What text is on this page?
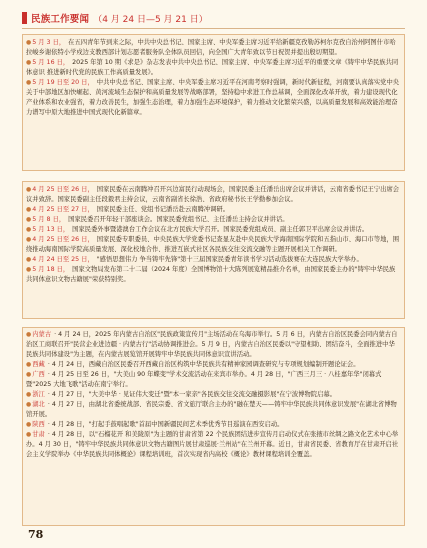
民族工作要闻 （4 月 24 日—5 月 21 日）

●5 月 3 日， 在五四青年节到来之际，中共中央总书记、国家主席、中央军委主席习近平给新疆克孜勒苏柯尔克孜自治州阿图什市哈拉峻乡谢依特小学戍边支教西部计划志愿者服务队全体队员回信，向全国广大青年致以节日祝贺并提出殷切期望。

●5 月 16 日， 2025 年第 10 期《求是》杂志发表中共中央总书记、国家主席、中央军委主席习近平的重要文章《铸牢中华民族共同体意识 推进新时代党的民族工作高质量发展》。

●5 月 19 日至 20 日， 中共中央总书记、国家主席、中央军委主席习近平在河南考察时强调，新时代新征程，河南要认真落实党中央关于中部地区加快崛起、黄河流域生态保护和高质量发展等战略部署，坚持稳中求进工作总基调，全面深化改革开放，着力建设现代化产业体系和农业强省，着力改善民生，加强生态治理，着力加强生态环境保护，着力推动文化繁荣兴盛，以高质量发展和高效能治理奋力谱写中原大地推进中国式现代化新篇章。

●4 月 25 日至 26 日， 国家民委在云南腾冲召开兴边富民行动现场会，国家民委主任潘岳出席会议并讲话，云南省委书记王宁出席会议并致辞。国家民委副主任段毅君主持会议，云南省副省长徐浩、省政府秘书长王学勤参加会议。

●4 月 25 日至 27 日， 国家民委主任、党组书记潘岳赴云南腾冲调研。

●5 月 8 日， 国家民委召开年轻干部座谈会。国家民委党组书记、主任潘岳主持会议并讲话。

●5 月 13 日， 国家民委外事暨港澳台工作会议在北方民族大学召开。国家民委党组成员、副主任郭卫平出席会议并讲话。

●4 月 25 日至 26 日， 国家民委专职委员、中央民族大学党委书记查显友赴中央民族大学海南国际学院和五指山市、海口市等地，围绕推动海南国际学院高质量发展、深化校地合作、推进互嵌式社区各民族交往交流交融等主题开展相关工作调研。

●4 月 24 日至 25 日， "感悟思想伟力 争当铸牢先锋"第十三届国家民委青年读书学习活动选拔赛在大连民族大学举办。

●5 月 18 日， 国家文物局发布第二十二届（2024 年度）全国博物馆十大陈列展览精品推介名单，由国家民委主办的"铸牢中华民族共同体意识文物古籍展"荣获特别奖。

●内蒙古 · 4 月 24 日，2025 年内蒙古自治区"民族政策宣传月"主场活动在乌海市举行。5 月 6 日，内蒙古自治区民委会同内蒙古自治区工商联召开"民营企业进边疆 · 内蒙古行"活动协调推进会。5 月 9 日，内蒙古自治区民委以"守望相助、团结奋斗，全面推进中华民族共同体建设"为主题，在内蒙古展览馆开展铸牢中华民族共同体意识宣讲活动。

●西藏 · 4 月 24 日，西藏自治区民委召开西藏自治区构筑中华民族共有精神家园调查研究与专项规划编制开题论证会。

●广西 · 4 月 25 日至 26 日，"大美山 90 年蝶变"学术交流活动在来宾市举办。4 月 28 日，"广西三月三 · 八桂嘉年华"闭幕式暨"2025 大地飞歌"活动在南宁举行。

●浙江 · 4 月 27 日，"大美中华 · 见证伟大变迁"暨"本一家亲"各民族交往交流交融摄影展"在宁波博物院启幕。

●湖北 · 4 月 27 日，由湖北省委统战部、省民宗委、省文旅厅联合主办的"融在楚天——铸牢中华民族共同体意识发展"在湖北省博物馆开展。

●陕西 · 4 月 28 日，"打起手鼓唱起歌"首届中国新疆民间艺术季优秀节目巡演在西安启动。

●甘肃 · 4 月 28 日，以"石榴花开 和美陇原"为主题的甘肃省第 22 个民族团结进步宣传月启动仪式在张掖市丝绸之路文化艺术中心举办。4 月 30 日，"铸牢中华民族共同体意识文物古籍图片展甘肃巡展·兰州站"在兰州开幕。近日，甘肃省民委、省教育厅在甘肃开启社会主义学院举办《中华民族共同体概论》课程培训班，首次实现省内高校《概论》教材课程培训全覆盖。

78
